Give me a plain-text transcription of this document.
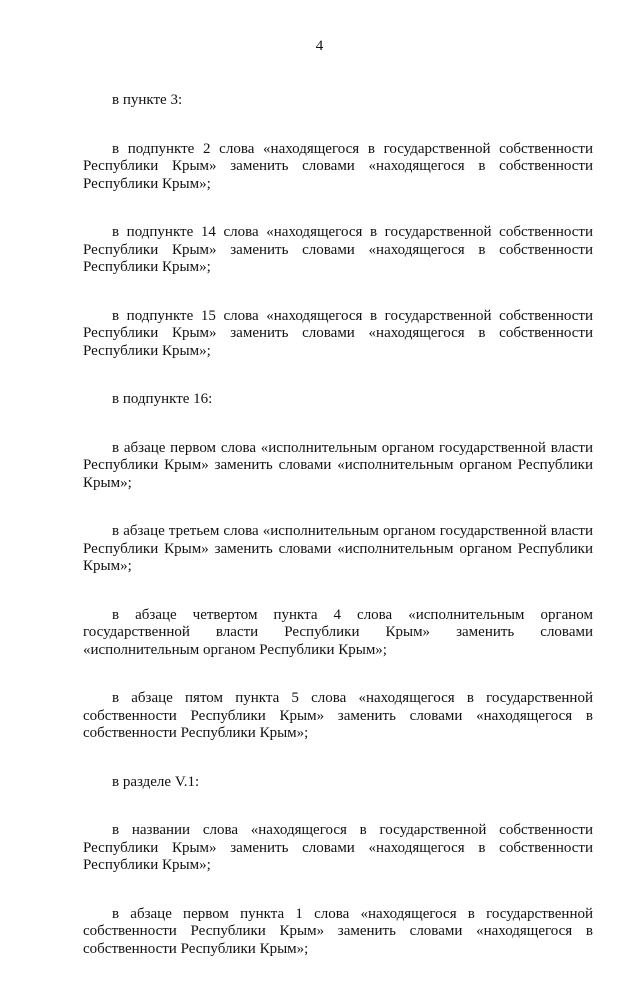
4

в пункте 3:

в подпункте 2 слова «находящегося в государственной собственности Республики Крым» заменить словами «находящегося в собственности Республики Крым»;

в подпункте 14 слова «находящегося в государственной собственности Республики Крым» заменить словами «находящегося в собственности Республики Крым»;

в подпункте 15 слова «находящегося в государственной собственности Республики Крым» заменить словами «находящегося в собственности Республики Крым»;

в подпункте 16:

в абзаце первом слова «исполнительным органом государственной власти Республики Крым» заменить словами «исполнительным органом Республики Крым»;

в абзаце третьем слова «исполнительным органом государственной власти Республики Крым» заменить словами «исполнительным органом Республики Крым»;

в абзаце четвертом пункта 4 слова «исполнительным органом государственной власти Республики Крым» заменить словами «исполнительным органом Республики Крым»;

в абзаце пятом пункта 5 слова «находящегося в государственной собственности Республики Крым» заменить словами «находящегося в собственности Республики Крым»;

в разделе V.1:

в названии слова «находящегося в государственной собственности Республики Крым» заменить словами «находящегося в собственности Республики Крым»;

в абзаце первом пункта 1 слова «находящегося в государственной собственности Республики Крым» заменить словами «находящегося в собственности Республики Крым»;
